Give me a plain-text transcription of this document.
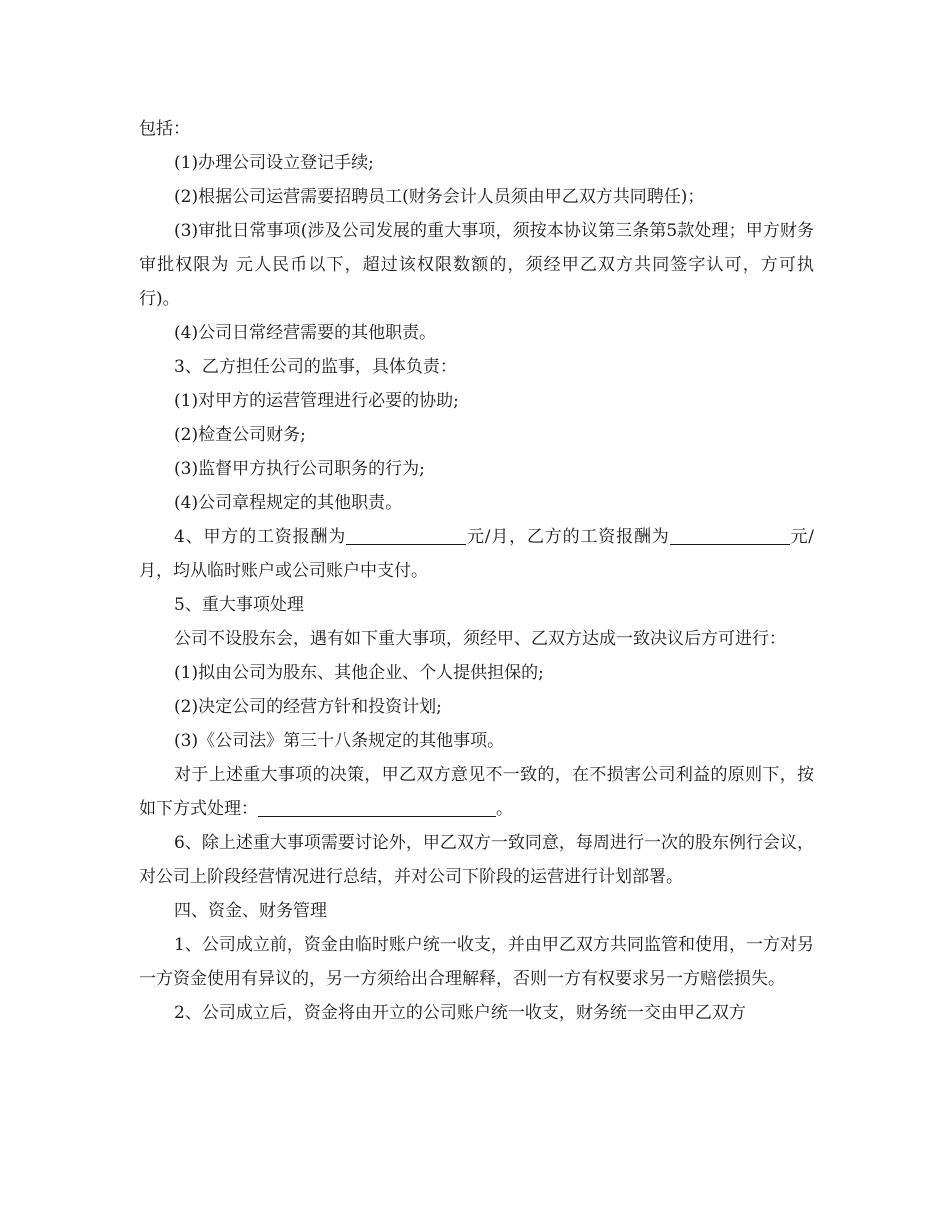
包括：

(1)办理公司设立登记手续;

(2)根据公司运营需要招聘员工(财务会计人员须由甲乙双方共同聘任)；

(3)审批日常事项(涉及公司发展的重大事项，须按本协议第三条第5款处理；甲方财务审批权限为 元人民币以下，超过该权限数额的，须经甲乙双方共同签字认可，方可执行)。

(4)公司日常经营需要的其他职责。

3、乙方担任公司的监事，具体负责：

(1)对甲方的运营管理进行必要的协助;

(2)检查公司财务;

(3)监督甲方执行公司职务的行为;

(4)公司章程规定的其他职责。

4、甲方的工资报酬为	元/月，乙方的工资报酬为	元/月，均从临时账户或公司账户中支付。

5、重大事项处理

公司不设股东会，遇有如下重大事项，须经甲、乙双方达成一致决议后方可进行：

(1)拟由公司为股东、其他企业、个人提供担保的;

(2)决定公司的经营方针和投资计划;

(3)《公司法》第三十八条规定的其他事项。

对于上述重大事项的决策，甲乙双方意见不一致的，在不损害公司利益的原则下，按如下方式处理：	。

6、除上述重大事项需要讨论外，甲乙双方一致同意，每周进行一次的股东例行会议，对公司上阶段经营情况进行总结，并对公司下阶段的运营进行计划部署。

四、资金、财务管理

1、公司成立前，资金由临时账户统一收支，并由甲乙双方共同监管和使用，一方对另一方资金使用有异议的，另一方须给出合理解释，否则一方有权要求另一方赔偿损失。

2、公司成立后，资金将由开立的公司账户统一收支，财务统一交由甲乙双方
